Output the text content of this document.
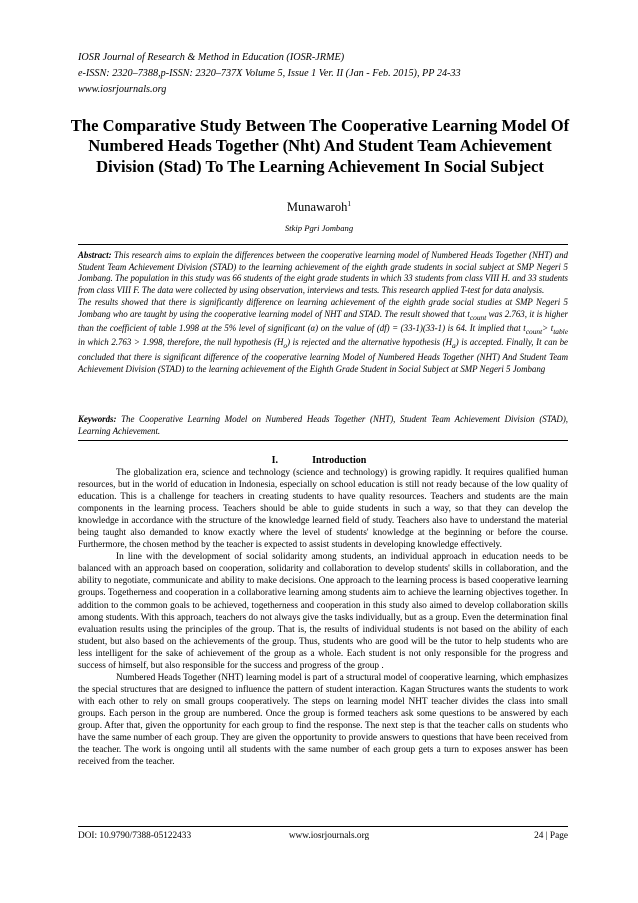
IOSR Journal of Research & Method in Education (IOSR-JRME)
e-ISSN: 2320–7388,p-ISSN: 2320–737X Volume 5, Issue 1 Ver. II (Jan - Feb. 2015), PP 24-33
www.iosrjournals.org
The Comparative Study Between The Cooperative Learning Model Of Numbered Heads Together (Nht) And Student Team Achievement Division (Stad) To The Learning Achievement In Social Subject
Munawaroh$^1$
Stkip Pgri Jombang

Abstract: This research aims to explain the differences between the cooperative learning model of Numbered Heads Together (NHT) and Student Team Achievement Division (STAD) to the learning achievement of the eighth grade students in social subject at SMP Negeri 5 Jombang. The population in this study was 66 students of the eight grade students in which 33 students from class VIII H. and 33 students from class VIII F. The data were collected by using observation, interviews and tests. This research applied T-test for data analysis.

The results showed that there is significantly difference on learning achievement of the eighth grade social studies at SMP Negeri 5 Jombang who are taught by using the cooperative learning model of NHT and STAD. The result showed that $t_{count}$ was 2.763, it is higher than the coefficient of table 1.998 at the 5% level of significant (α) on the value of (df) = (33-1)(33-1) is 64. It implied that $t_{count}> t_{table}$ in which 2.763 > 1.998, therefore, the null hypothesis $(H_o)$ is rejected and the alternative hypothesis $(H_a)$ is accepted. Finally, It can be concluded that there is significant difference of the cooperative learning Model of Numbered Heads Together (NHT) And Student Team Achievement Division (STAD) to the learning achievement of the Eighth Grade Student in Social Subject at SMP Negeri 5 Jombang

Keywords: The Cooperative Learning Model on Numbered Heads Together (NHT), Student Team Achievement Division (STAD), Learning Achievement.
I.	Introduction

The globalization era, science and technology (science and technology) is growing rapidly. It requires qualified human resources, but in the world of education in Indonesia, especially on school education is still not ready because of the low quality of education. This is a challenge for teachers in creating students to have quality resources. Teachers and students are the main components in the learning process. Teachers should be able to guide students in such a way, so that they can develop the knowledge in accordance with the structure of the knowledge learned field of study. Teachers also have to understand the material being taught also demanded to know exactly where the level of students' knowledge at the beginning or before the course. Furthermore, the chosen method by the teacher is expected to assist students in developing knowledge effectively.

In line with the development of social solidarity among students, an individual approach in education needs to be balanced with an approach based on cooperation, solidarity and collaboration to develop students' skills in collaboration, and the ability to negotiate, communicate and ability to make decisions. One approach to the learning process is based cooperative learning groups. Togetherness and cooperation in a collaborative learning among students aim to achieve the learning objectives together. In addition to the common goals to be achieved, togetherness and cooperation in this study also aimed to develop collaboration skills among students. With this approach, teachers do not always give the tasks individually, but as a group. Even the determination final evaluation results using the principles of the group. That is, the results of individual students is not based on the ability of each student, but also based on the achievements of the group. Thus, students who are good will be the tutor to help students who are less intelligent for the sake of achievement of the group as a whole. Each student is not only responsible for the progress and success of himself, but also responsible for the success and progress of the group .

Numbered Heads Together (NHT) learning model is part of a structural model of cooperative learning, which emphasizes the special structures that are designed to influence the pattern of student interaction. Kagan Structures wants the students to work with each other to rely on small groups cooperatively. The steps on learning model NHT teacher divides the class into small groups. Each person in the group are numbered. Once the group is formed teachers ask some questions to be answered by each group. After that, given the opportunity for each group to find the response. The next step is that the teacher calls on students who have the same number of each group. They are given the opportunity to provide answers to questions that have been received from the teacher. The work is ongoing until all students with the same number of each group gets a turn to exposes answer has been received from the teacher.

DOI: 10.9790/7388-05122433	www.iosrjournals.org	24 | Page
